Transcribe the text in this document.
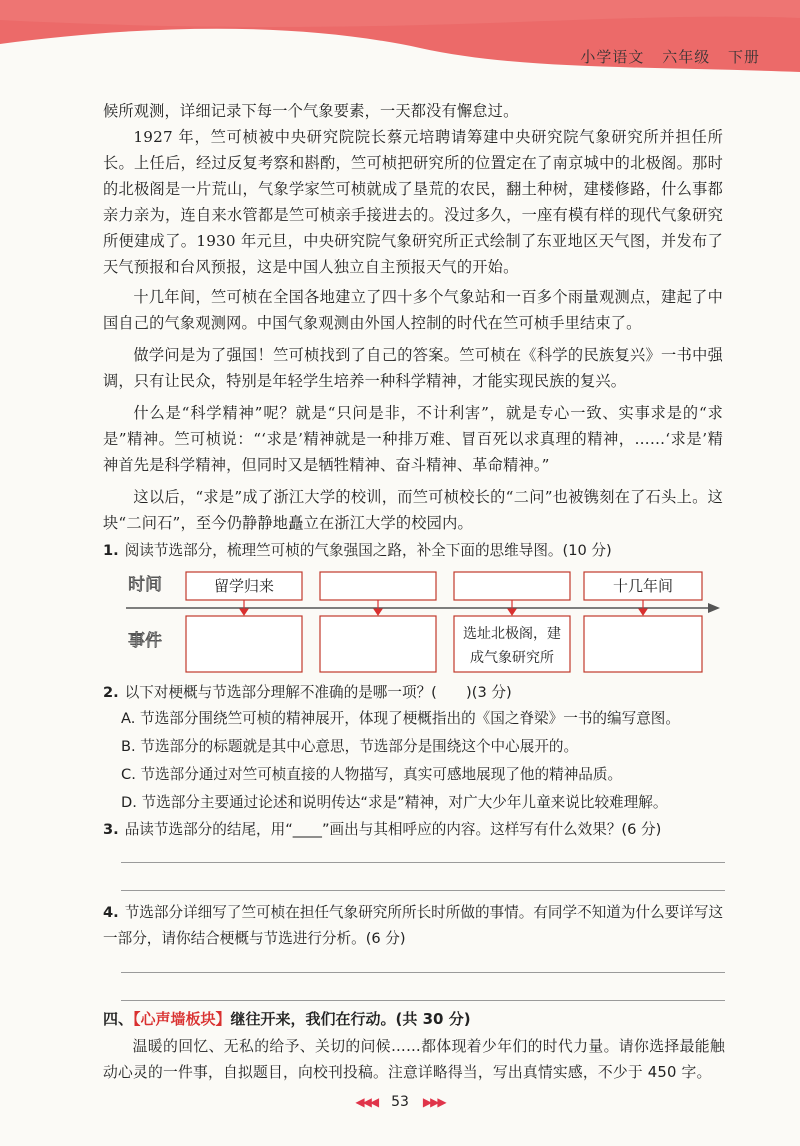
小学语文 六年级 下册
候所观测，详细记录下每一个气象要素，一天都没有懈怠过。
1927 年，竺可桢被中央研究院院长蔡元培聘请筹建中央研究院气象研究所并担任所长。上任后，经过反复考察和斟酌，竺可桢把研究所的位置定在了南京城中的北极阁。那时的北极阁是一片荒山，气象学家竺可桢就成了垦荒的农民，翻土种树，建楼修路，什么事都亲力亲为，连自来水管都是竺可桢亲手接进去的。没过多久，一座有模有样的现代气象研究所便建成了。1930 年元旦，中央研究院气象研究所正式绘制了东亚地区天气图，并发布了天气预报和台风预报，这是中国人独立自主预报天气的开始。
十几年间，竺可桢在全国各地建立了四十多个气象站和一百多个雨量观测点，建起了中国自己的气象观测网。中国气象观测由外国人控制的时代在竺可桢手里结束了。
做学问是为了强国！竺可桢找到了自己的答案。竺可桢在《科学的民族复兴》一书中强调，只有让民众，特别是年轻学生培养一种科学精神，才能实现民族的复兴。
什么是“科学精神”呢？就是“只问是非，不计利害”，就是专心一致、实事求是的“求是”精神。竺可桢说：“‘求是’精神就是一种排万难、冒百死以求真理的精神，……‘求是’精神首先是科学精神，但同时又是牺牲精神、奋斗精神、革命精神。”
这以后，“求是”成了浙江大学的校训，而竺可桢校长的“二问”也被镌刻在了石头上。这块“二问石”，至今仍静静地矗立在浙江大学的校园内。
1. 阅读节选部分，梳理竺可桢的气象强国之路，补全下面的思维导图。(10 分)
时间
事件
留学归来	十几年间
选址北极阁，建
成气象研究所
2. 以下对梗概与节选部分理解不准确的是哪一项？(　　)(3 分)
A. 节选部分围绕竺可桢的精神展开，体现了梗概指出的《国之脊梁》一书的编写意图。
B. 节选部分的标题就是其中心意思，节选部分是围绕这个中心展开的。
C. 节选部分通过对竺可桢直接的人物描写，真实可感地展现了他的精神品质。
D. 节选部分主要通过论述和说明传达“求是”精神，对广大少年儿童来说比较难理解。
3. 品读节选部分的结尾，用“____”画出与其相呼应的内容。这样写有什么效果？(6 分)
4. 节选部分详细写了竺可桢在担任气象研究所所长时所做的事情。有同学不知道为什么要详写这一部分，请你结合梗概与节选进行分析。(6 分)
四、【心声墙板块】继往开来，我们在行动。(共 30 分)
温暖的回忆、无私的给予、关切的问候……都体现着少年们的时代力量。请你选择最能触动心灵的一件事，自拟题目，向校刊投稿。注意详略得当，写出真情实感，不少于 450 字。
◀◀◀ 53 ▶▶▶
